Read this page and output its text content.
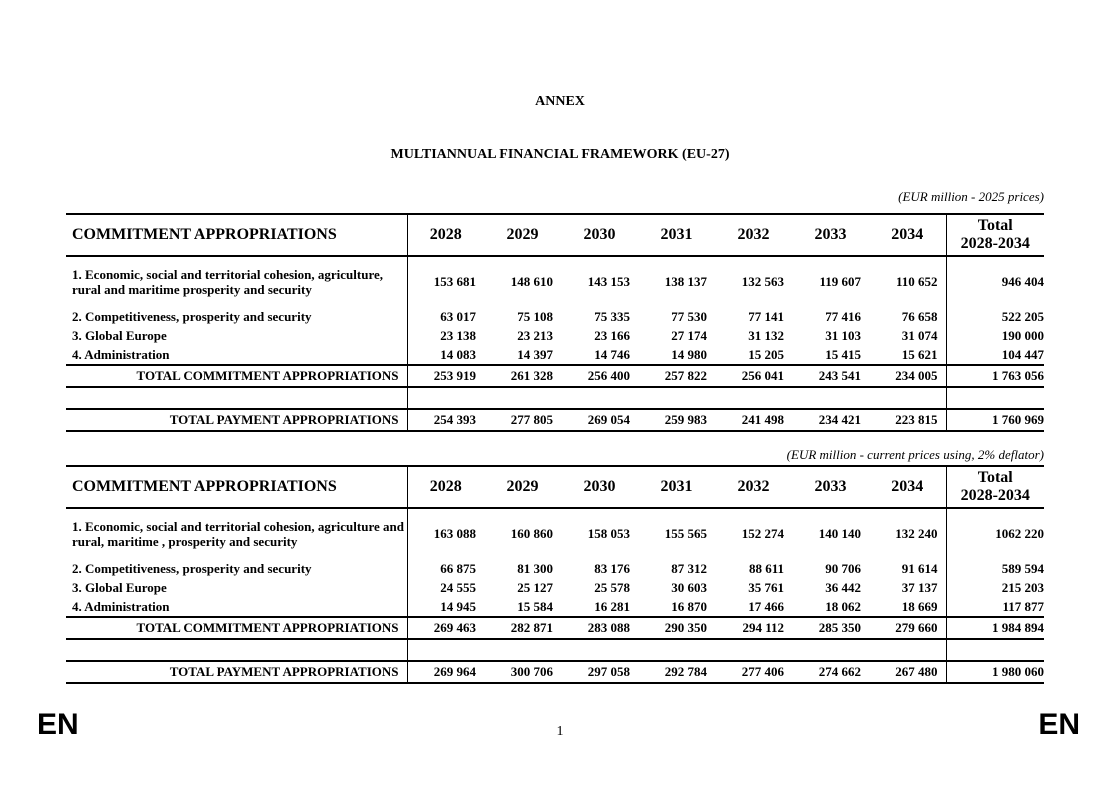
ANNEX
MULTIANNUAL FINANCIAL FRAMEWORK (EU-27)
(EUR million - 2025 prices)
COMMITMENT APPROPRIATIONS	2028	2029	2030	2031	2032	2033	2034	Total
2028-2034
1. Economic, social and territorial cohesion, agriculture, rural and maritime prosperity and security	153 681	148 610	143 153	138 137	132 563	119 607	110 652	946 404
2. Competitiveness, prosperity and security	63 017	75 108	75 335	77 530	77 141	77 416	76 658	522 205
3. Global Europe	23 138	23 213	23 166	27 174	31 132	31 103	31 074	190 000
4. Administration	14 083	14 397	14 746	14 980	15 205	15 415	15 621	104 447
TOTAL COMMITMENT APPROPRIATIONS	253 919	261 328	256 400	257 822	256 041	243 541	234 005	1 763 056

TOTAL PAYMENT APPROPRIATIONS	254 393	277 805	269 054	259 983	241 498	234 421	223 815	1 760 969
(EUR million - current prices using, 2% deflator)
COMMITMENT APPROPRIATIONS	2028	2029	2030	2031	2032	2033	2034	Total
2028-2034
1. Economic, social and territorial cohesion, agriculture and rural, maritime , prosperity and security	163 088	160 860	158 053	155 565	152 274	140 140	132 240	1062 220
2. Competitiveness, prosperity and security	66 875	81 300	83 176	87 312	88 611	90 706	91 614	589 594
3. Global Europe	24 555	25 127	25 578	30 603	35 761	36 442	37 137	215 203
4. Administration	14 945	15 584	16 281	16 870	17 466	18 062	18 669	117 877
TOTAL COMMITMENT APPROPRIATIONS	269 463	282 871	283 088	290 350	294 112	285 350	279 660	1 984 894

TOTAL PAYMENT APPROPRIATIONS	269 964	300 706	297 058	292 784	277 406	274 662	267 480	1 980 060
EN	1	EN
